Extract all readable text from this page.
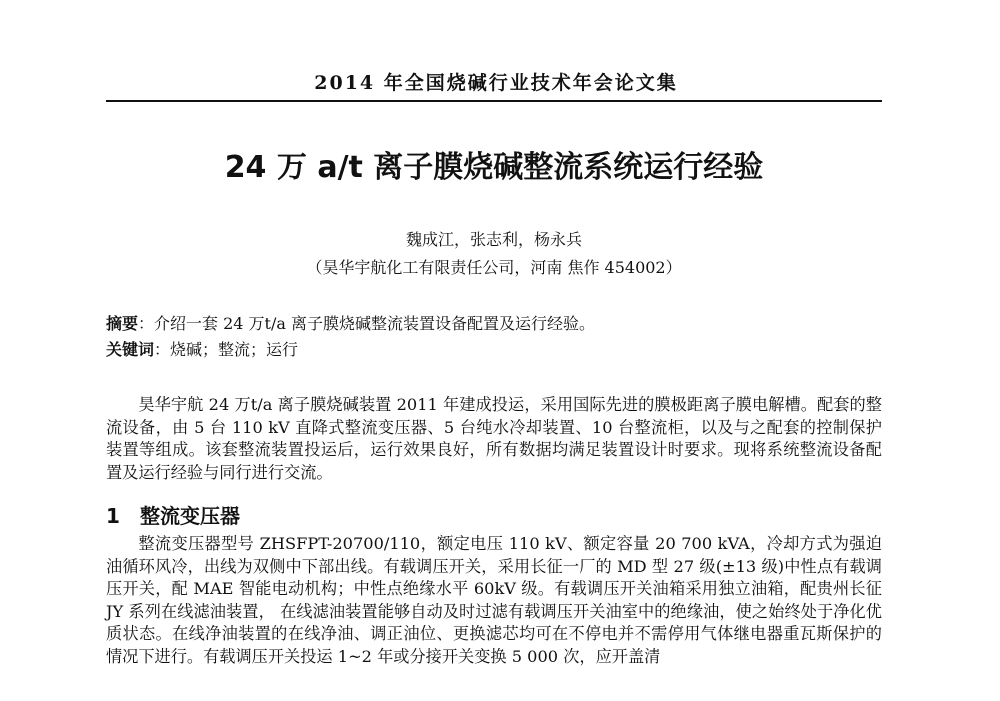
2014 年全国烧碱行业技术年会论文集
24 万 a/t 离子膜烧碱整流系统运行经验
魏成江，张志利，杨永兵
（昊华宇航化工有限责任公司，河南 焦作 454002）
摘要：介绍一套 24 万t/a 离子膜烧碱整流装置设备配置及运行经验。
关键词：烧碱；整流；运行

昊华宇航 24 万t/a 离子膜烧碱装置 2011 年建成投运，采用国际先进的膜极距离子膜电解槽。配套的整流设备，由 5 台 110 kV 直降式整流变压器、5 台纯水冷却装置、10 台整流柜，以及与之配套的控制保护装置等组成。该套整流装置投运后，运行效果良好，所有数据均满足装置设计时要求。现将系统整流设备配置及运行经验与同行进行交流。

1 整流变压器

整流变压器型号 ZHSFPT-20700/110，额定电压 110 kV、额定容量 20 700 kVA，冷却方式为强迫油循环风冷，出线为双侧中下部出线。有载调压开关，采用长征一厂的 MD 型 27 级(±13 级)中性点有载调压开关，配 MAE 智能电动机构；中性点绝缘水平 60kV 级。有载调压开关油箱采用独立油箱，配贵州长征 JY 系列在线滤油装置， 在线滤油装置能够自动及时过滤有载调压开关油室中的绝缘油，使之始终处于净化优质状态。在线净油装置的在线净油、调正油位、更换滤芯均可在不停电并不需停用气体继电器重瓦斯保护的情况下进行。有载调压开关投运 1~2 年或分接开关变换 5 000 次，应开盖清
